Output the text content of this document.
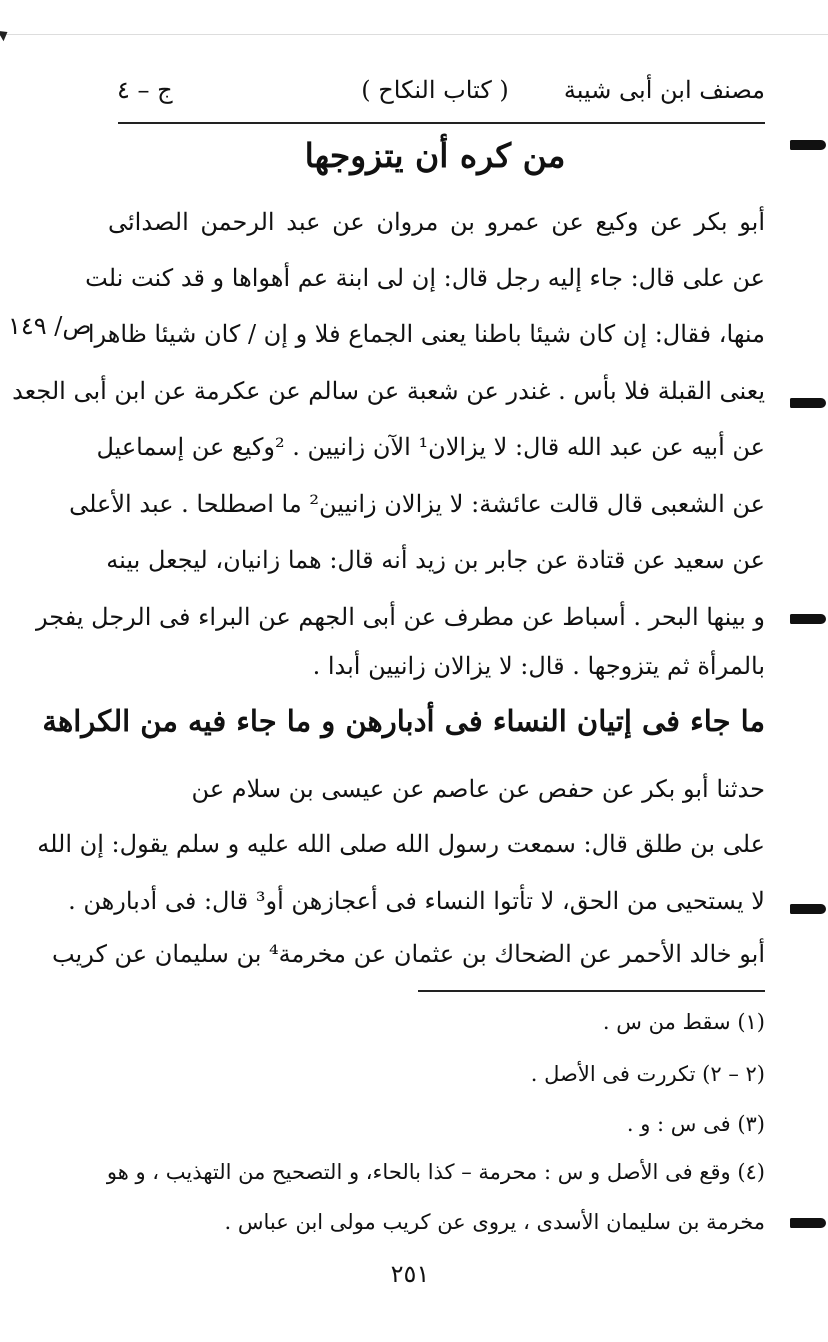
مصنف ابن أبى شيبة
( كتاب النكاح )
ج – ٤
من كره أن يتزوجها
أبو بكر عن وكيع عن عمرو بن مروان عن عبد الرحمن الصدائى
عن على قال: جاء إليه رجل قال: إن لى ابنة عم أهواها و قد كنت نلت
منها، فقال: إن كان شيئا باطنا يعنى الجماع فلا و إن / كان شيئا ظاهرا
يعنى القبلة فلا بأس . غندر عن شعبة عن سالم عن عكرمة عن ابن أبى الجعد
عن أبيه عن عبد الله قال: لا يزالان¹ الآن زانيين . ²وكيع عن إسماعيل
عن الشعبى قال قالت عائشة: لا يزالان زانيين² ما اصطلحا . عبد الأعلى
عن سعيد عن قتادة عن جابر بن زيد أنه قال: هما زانيان، ليجعل بينه
و بينها البحر . أسباط عن مطرف عن أبى الجهم عن البراء فى الرجل يفجر
بالمرأة ثم يتزوجها . قال: لا يزالان زانيين أبدا .
ما جاء فى إتيان النساء فى أدبارهن و ما جاء فيه من الكراهة
حدثنا أبو بكر عن حفص عن عاصم عن عيسى بن سلام عن
على بن طلق قال: سمعت رسول الله صلى الله عليه و سلم يقول: إن الله
لا يستحيى من الحق، لا تأتوا النساء فى أعجازهن أو³ قال: فى أدبارهن .
أبو خالد الأحمر عن الضحاك بن عثمان عن مخرمة⁴ بن سليمان عن كريب
(١) سقط من س .
(٢ – ٢) تكررت فى الأصل .
(٣) فى س : و .
(٤) وقع فى الأصل و س : محرمة – كذا بالحاء، و التصحيح من التهذيب ، و هو
مخرمة بن سليمان الأسدى ، يروى عن كريب مولى ابن عباس .
ص/ ١٤٩
٢٥١
